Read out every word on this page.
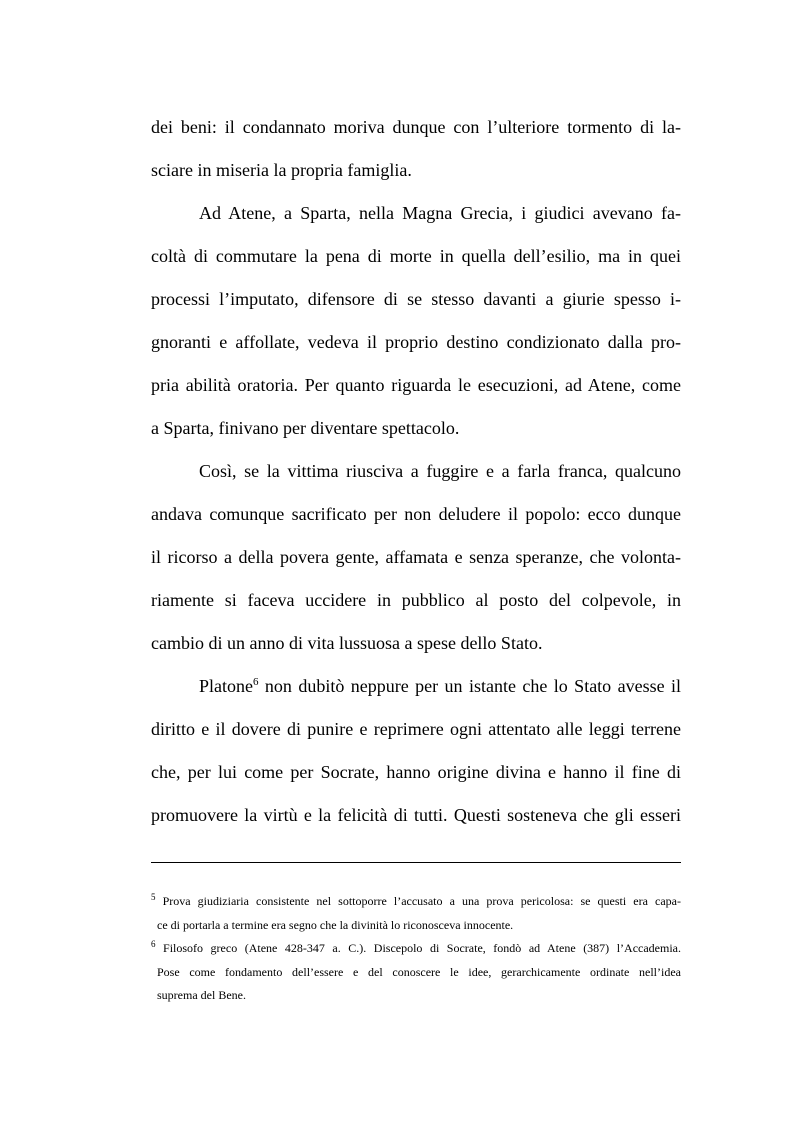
dei beni: il condannato moriva dunque con l’ulteriore tormento di la-
sciare in miseria la propria famiglia.
Ad Atene, a Sparta, nella Magna Grecia, i giudici avevano fa-
coltà di commutare la pena di morte in quella dell’esilio, ma in quei
processi l’imputato, difensore di se stesso davanti a giurie spesso i-
gnoranti e affollate, vedeva il proprio destino condizionato dalla pro-
pria abilità oratoria. Per quanto riguarda le esecuzioni, ad Atene, come
a Sparta, finivano per diventare spettacolo.
Così, se la vittima riusciva a fuggire e a farla franca, qualcuno
andava comunque sacrificato per non deludere il popolo: ecco dunque
il ricorso a della povera gente, affamata e senza speranze, che volonta-
riamente si faceva uccidere in pubblico al posto del colpevole, in
cambio di un anno di vita lussuosa a spese dello Stato.
Platone$^6$ non dubitò neppure per un istante che lo Stato avesse il
diritto e il dovere di punire e reprimere ogni attentato alle leggi terrene
che, per lui come per Socrate, hanno origine divina e hanno il fine di
promuovere la virtù e la felicità di tutti. Questi sosteneva che gli esseri
$^5$ Prova giudiziaria consistente nel sottoporre l’accusato a una prova pericolosa: se questi era capa-
ce di portarla a termine era segno che la divinità lo riconosceva innocente.
$^6$ Filosofo greco (Atene 428-347 a. C.). Discepolo di Socrate, fondò ad Atene (387) l’Accademia.
Pose come fondamento dell’essere e del conoscere le idee, gerarchicamente ordinate nell’idea
suprema del Bene.
